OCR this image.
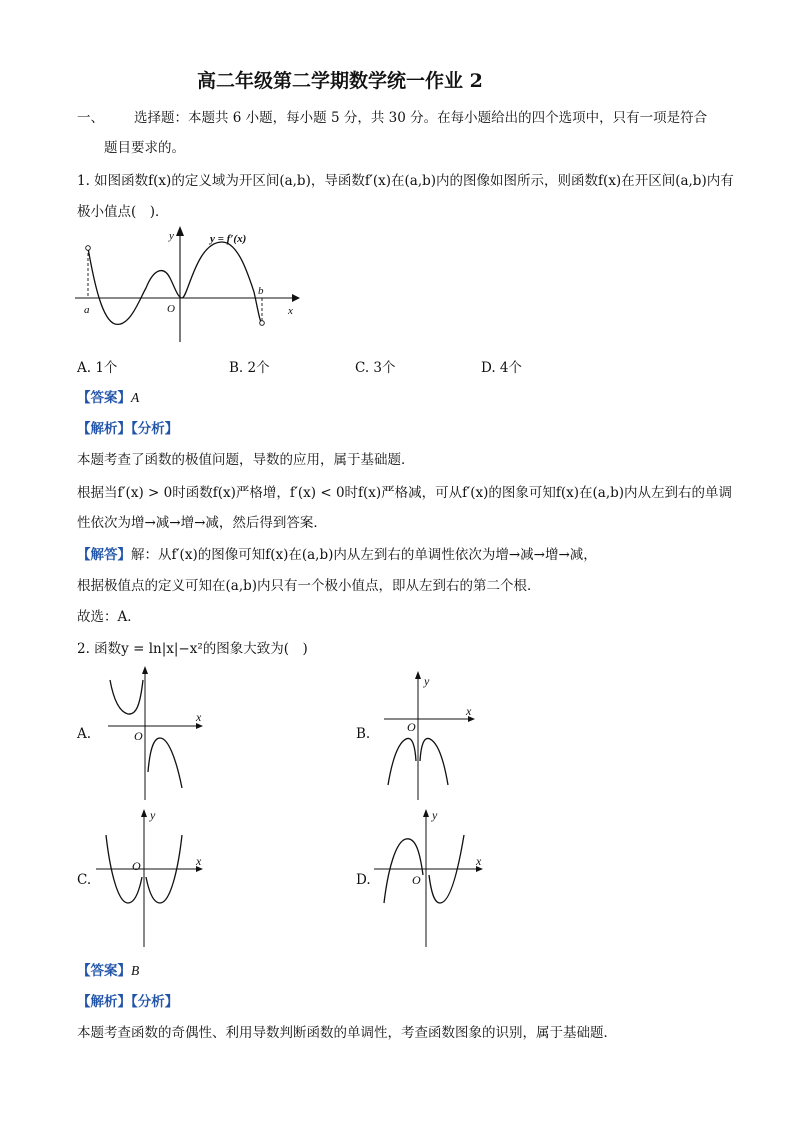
高二年级第二学期数学统一作业 2
一、 选择题：本题共 6 小题，每小题 5 分，共 30 分。在每小题给出的四个选项中，只有一项是符合
题目要求的。
1. 如图函数f(x)的定义域为开区间(a,b)，导函数f′(x)在(a,b)内的图像如图所示，则函数f(x)在开区间(a,b)内有
极小值点(　)．
y
x
O
a
b
y = f′(x)
A. 1个	B. 2个	C. 3个	D. 4个
【答案】A
【解析】【分析】
本题考查了函数的极值问题，导数的应用，属于基础题．
根据当f′(x) > 0时函数f(x)严格增，f′(x) < 0时f(x)严格减，可从f′(x)的图象可知f(x)在(a,b)内从左到右的单调
性依次为增→减→增→减，然后得到答案．
【解答】解：从f′(x)的图像可知f(x)在(a,b)内从左到右的单调性依次为增→减→增→减，
根据极值点的定义可知在(a,b)内只有一个极小值点，即从左到右的第二个根．
故选：A．
2. 函数y = ln|x|−x²的图象大致为(　)
A.
x
O	B.
y
x
O
C.
y
x
O
D.
y
x
O
【答案】B
【解析】【分析】
本题考查函数的奇偶性、利用导数判断函数的单调性，考查函数图象的识别，属于基础题．
